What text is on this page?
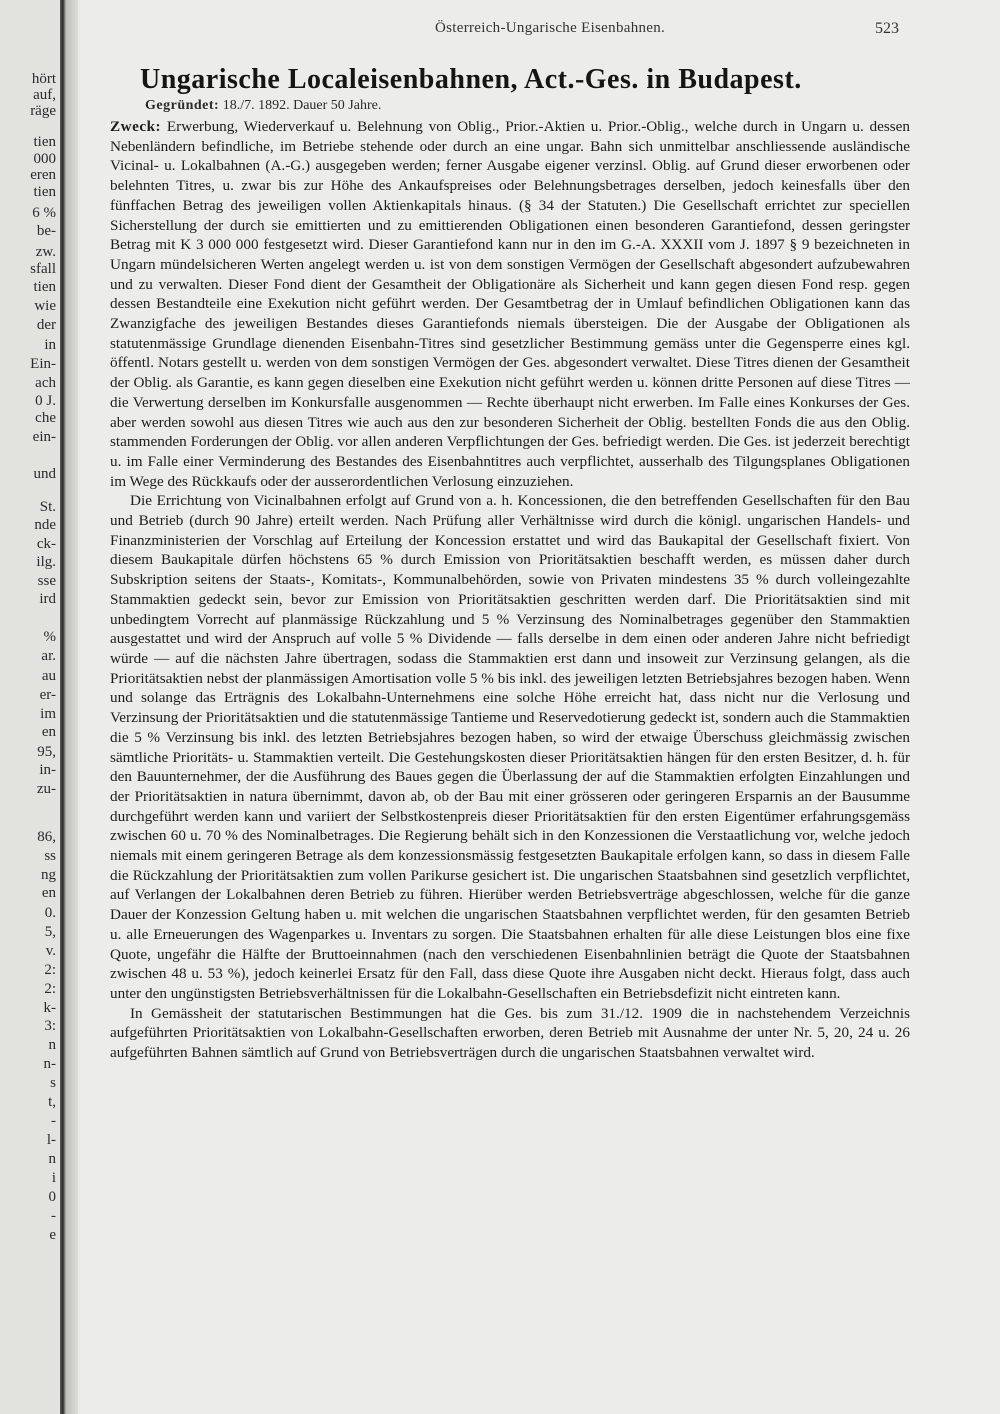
hört
auf,
räge
tien
000
eren
tien
6 %
be-
zw.
sfall
tien
wie
der
in
Ein-
ach
0 J.
che
ein-
und
St.
nde
ck-
ilg.
sse
ird
%
ar.
au
er-
im
en
95,
in-
zu-
86,
ss
ng
en
0.
5,
v.
2:
2:
k-
3:
n
n-
s
t,
-
l-
n
i
0
-
e
Österreich-Ungarische Eisenbahnen.	523
Ungarische Localeisenbahnen, Act.-Ges. in Budapest.
Gegründet: 18./7. 1892. Dauer 50 Jahre.

Zweck: Erwerbung, Wiederverkauf u. Belehnung von Oblig., Prior.-Aktien u. Prior.-Oblig., welche durch in Ungarn u. dessen Nebenländern befindliche, im Betriebe stehende oder durch an eine ungar. Bahn sich unmittelbar anschliessende ausländische Vicinal- u. Lokalbahnen (A.-G.) ausgegeben werden; ferner Ausgabe eigener verzinsl. Oblig. auf Grund dieser erworbenen oder belehnten Titres, u. zwar bis zur Höhe des Ankaufspreises oder Belehnungsbetrages derselben, jedoch keinesfalls über den fünffachen Betrag des jeweiligen vollen Aktienkapitals hinaus. (§ 34 der Statuten.) Die Gesellschaft errichtet zur speciellen Sicherstellung der durch sie emittierten und zu emittierenden Obligationen einen besonderen Garantiefond, dessen geringster Betrag mit K 3 000 000 festgesetzt wird. Dieser Garantiefond kann nur in den im G.-A. XXXII vom J. 1897 § 9 bezeichneten in Ungarn mündelsicheren Werten angelegt werden u. ist von dem sonstigen Vermögen der Gesellschaft abgesondert aufzubewahren und zu verwalten. Dieser Fond dient der Gesamtheit der Obligationäre als Sicherheit und kann gegen diesen Fond resp. gegen dessen Bestandteile eine Exekution nicht geführt werden. Der Gesamtbetrag der in Umlauf befindlichen Obligationen kann das Zwanzigfache des jeweiligen Bestandes dieses Garantiefonds niemals übersteigen. Die der Ausgabe der Obligationen als statutenmässige Grundlage dienenden Eisenbahn-Titres sind gesetzlicher Bestimmung gemäss unter die Gegensperre eines kgl. öffentl. Notars gestellt u. werden von dem sonstigen Vermögen der Ges. abgesondert verwaltet. Diese Titres dienen der Gesamtheit der Oblig. als Garantie, es kann gegen dieselben eine Exekution nicht geführt werden u. können dritte Personen auf diese Titres — die Verwertung derselben im Konkursfalle ausgenommen — Rechte überhaupt nicht erwerben. Im Falle eines Konkurses der Ges. aber werden sowohl aus diesen Titres wie auch aus den zur besonderen Sicherheit der Oblig. bestellten Fonds die aus den Oblig. stammenden Forderungen der Oblig. vor allen anderen Verpflichtungen der Ges. befriedigt werden. Die Ges. ist jederzeit berechtigt u. im Falle einer Verminderung des Bestandes des Eisenbahntitres auch verpflichtet, ausserhalb des Tilgungsplanes Obligationen im Wege des Rückkaufs oder der ausserordentlichen Verlosung einzuziehen.

Die Errichtung von Vicinalbahnen erfolgt auf Grund von a. h. Koncessionen, die den betreffenden Gesellschaften für den Bau und Betrieb (durch 90 Jahre) erteilt werden. Nach Prüfung aller Verhältnisse wird durch die königl. ungarischen Handels- und Finanzministerien der Vorschlag auf Erteilung der Koncession erstattet und wird das Baukapital der Gesellschaft fixiert. Von diesem Baukapitale dürfen höchstens 65 % durch Emission von Prioritätsaktien beschafft werden, es müssen daher durch Subskription seitens der Staats-, Komitats-, Kommunalbehörden, sowie von Privaten mindestens 35 % durch volleingezahlte Stammaktien gedeckt sein, bevor zur Emission von Prioritätsaktien geschritten werden darf. Die Prioritätsaktien sind mit unbedingtem Vorrecht auf planmässige Rückzahlung und 5 % Verzinsung des Nominalbetrages gegenüber den Stammaktien ausgestattet und wird der Anspruch auf volle 5 % Dividende — falls derselbe in dem einen oder anderen Jahre nicht befriedigt würde — auf die nächsten Jahre übertragen, sodass die Stammaktien erst dann und insoweit zur Verzinsung gelangen, als die Prioritätsaktien nebst der planmässigen Amortisation volle 5 % bis inkl. des jeweiligen letzten Betriebsjahres bezogen haben. Wenn und solange das Erträgnis des Lokalbahn-Unternehmens eine solche Höhe erreicht hat, dass nicht nur die Verlosung und Verzinsung der Prioritätsaktien und die statutenmässige Tantieme und Reservedotierung gedeckt ist, sondern auch die Stammaktien die 5 % Verzinsung bis inkl. des letzten Betriebsjahres bezogen haben, so wird der etwaige Überschuss gleichmässig zwischen sämtliche Prioritäts- u. Stammaktien verteilt. Die Gestehungskosten dieser Prioritätsaktien hängen für den ersten Besitzer, d. h. für den Bauunternehmer, der die Ausführung des Baues gegen die Überlassung der auf die Stammaktien erfolgten Einzahlungen und der Prioritätsaktien in natura übernimmt, davon ab, ob der Bau mit einer grösseren oder geringeren Ersparnis an der Bausumme durchgeführt werden kann und variiert der Selbstkostenpreis dieser Prioritätsaktien für den ersten Eigentümer erfahrungsgemäss zwischen 60 u. 70 % des Nominalbetrages. Die Regierung behält sich in den Konzessionen die Verstaatlichung vor, welche jedoch niemals mit einem geringeren Betrage als dem konzessionsmässig festgesetzten Baukapitale erfolgen kann, so dass in diesem Falle die Rückzahlung der Prioritätsaktien zum vollen Parikurse gesichert ist. Die ungarischen Staatsbahnen sind gesetzlich verpflichtet, auf Verlangen der Lokalbahnen deren Betrieb zu führen. Hierüber werden Betriebsverträge abgeschlossen, welche für die ganze Dauer der Konzession Geltung haben u. mit welchen die ungarischen Staatsbahnen verpflichtet werden, für den gesamten Betrieb u. alle Erneuerungen des Wagenparkes u. Inventars zu sorgen. Die Staatsbahnen erhalten für alle diese Leistungen blos eine fixe Quote, ungefähr die Hälfte der Bruttoeinnahmen (nach den verschiedenen Eisenbahnlinien beträgt die Quote der Staatsbahnen zwischen 48 u. 53 %), jedoch keinerlei Ersatz für den Fall, dass diese Quote ihre Ausgaben nicht deckt. Hieraus folgt, dass auch unter den ungünstigsten Betriebsverhältnissen für die Lokalbahn-Gesellschaften ein Betriebsdefizit nicht eintreten kann.

In Gemässheit der statutarischen Bestimmungen hat die Ges. bis zum 31./12. 1909 die in nachstehendem Verzeichnis aufgeführten Prioritätsaktien von Lokalbahn-Gesellschaften erworben, deren Betrieb mit Ausnahme der unter Nr. 5, 20, 24 u. 26 aufgeführten Bahnen sämtlich auf Grund von Betriebsverträgen durch die ungarischen Staatsbahnen verwaltet wird.
